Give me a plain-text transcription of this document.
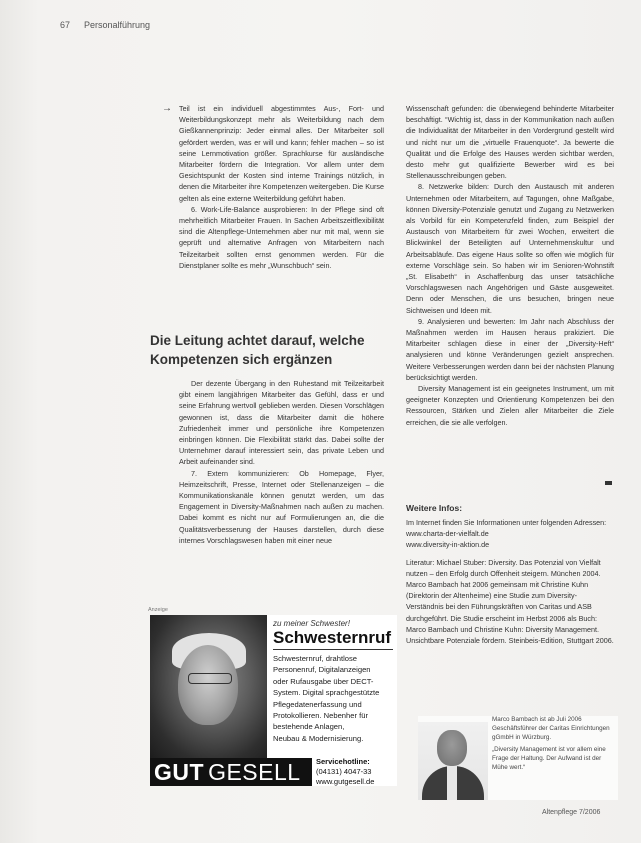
67 Personalführung
→ Teil ist ein individuell abgestimmtes Aus-, Fort- und Weiterbildungskonzept mehr als Weiterbildung nach dem Gießkannenprinzip: Jeder einmal alles. Der Mitarbeiter soll gefördert werden, was er will und kann; fehler machen – so ist seine Lernmotivation größer. Sprachkurse für ausländische Mitarbeiter fördern die Integration. Vor allem unter dem Gesichtspunkt der Kosten sind interne Trainings nützlich, in denen die Mitarbeiter ihre Kompetenzen weitergeben. Die Kurse gelten als eine externe Weiterbildung geführt haben.

6. Work-Life-Balance ausprobieren: In der Pflege sind oft mehrheitlich Mitarbeiter Frauen. In Sachen Arbeitszeitflexibilität sind die Altenpflege-Unternehmen aber nur mit mal, wenn sie geprüft und alternative Anfragen von Mitarbeitern nach Teilzeitarbeit sollten ernst genommen werden. Für die Dienstplaner sollte es mehr „Wunschbuch“ sein.

Die Leitung achtet darauf, welche Kompetenzen sich ergänzen

Der dezente Übergang in den Ruhestand mit Teilzeitarbeit gibt einem langjährigen Mitarbeiter das Gefühl, dass er und seine Erfahrung wertvoll geblieben werden. Diesen Vorschlägen gewonnen ist, dass die Mitarbeiter damit die höhere Zufriedenheit immer und persönliche ihre Kompetenzen einbringen können. Die Flexibilität stärkt das. Dabei sollte der Unternehmer darauf interessiert sein, das private Leben und Arbeit aufeinander sind.

7. Extern kommunizieren: Ob Homepage, Flyer, Heimzeitschrift, Presse, Internet oder Stellenanzeigen – die Kommunikationskanäle können genutzt werden, um das Engagement in Diversity-Maßnahmen nach außen zu machen. Dabei kommt es nicht nur auf Formulierungen an, die die Qualitätsverbesserung der Hauses darstellen, durch diese internes Vorschlagswesen haben mit einer neue

Wissenschaft gefunden: die überwiegend behinderte Mitarbeiter beschäftigt. “Wichtig ist, dass in der Kommunikation nach außen die Individualität der Mitarbeiter in den Vordergrund gestellt wird und nicht nur um die „virtuelle Frauenquote“. Ja bewerte die Qualität und die Erfolge des Hauses werden sichtbar werden, desto mehr gut qualifizierte Bewerber wird es bei Stellenausschreibungen geben.

8. Netzwerke bilden: Durch den Austausch mit anderen Unternehmen oder Mitarbeitern, auf Tagungen, ohne Maßgabe, können Diversity-Potenziale genutzt und Zugang zu Netzwerken als Vorbild für ein Kompetenzfeld finden, zum Beispiel der Austausch von Mitarbeitern für zwei Wochen, erweitert die Blickwinkel der Beteiligten auf Unternehmenskultur und Arbeitsabläufe. Das eigene Haus sollte so offen wie möglich für externe Vorschläge sein. So haben wir im Senioren-Wohnstift „St. Elisabeth“ in Aschaffenburg das unser tatsächliche Vorschlagswesen nach Angehörigen und Gäste ausgeweitet. Denn oder Menschen, die uns besuchen, bringen neue Sichtweisen und Ideen mit.

9. Analysieren und bewerten: Im Jahr nach Abschluss der Maßnahmen werden im Hausen heraus prakiziert. Die Mitarbeiter schlagen diese in einer der „Diversity-Heft“ analysieren und könne Veränderungen gezielt ansprechen. Weitere Verbesserungen werden dann bei der nächsten Planung berücksichtigt werden.

Diversity Management ist ein geeignetes Instrument, um mit geeigneter Konzepten und Orientierung Kompetenzen bei den Ressourcen, Stärken und Zielen aller Mitarbeiter die Ziele erreichen, die sie alle verfolgen.

Weitere Infos:

Im Internet finden Sie Informationen unter folgenden Adressen:

www.charta-der-vielfalt.de

www.diversity-in-aktion.de

Literatur: Michael Stuber: Diversity. Das Potenzial von Vielfalt nutzen – den Erfolg durch Offenheit steigern. München 2004. Marco Bambach hat 2006 gemeinsam mit Christine Kuhn (Direktorin der Altenheime) eine Studie zum Diversity-Verständnis bei den Führungskräften von Caritas und ASB durchgeführt. Die Studie erscheint im Herbst 2006 als Buch: Marco Bambach und Christine Kuhn: Diversity Management. Unsichtbare Potenziale fördern. Steinbeis-Edition, Stuttgart 2006.

Anzeige
zu meiner Schwester!
Schwesternruf

Schwesternruf, drahtlose

Personenruf, Digitalanzeigen

oder Rufausgabe über DECT-

System. Digital sprachgestützte

Pflegedatenerfassung und

Protokollieren. Nebenher für

bestehende Anlagen,

Neubau & Modernisierung.

GUT GESELL	Servicehotline:
(04131) 4047-33
www.gutgesell.de

Marco Bambach ist ab Juli 2006 Geschäftsführer der Caritas Einrichtungen gGmbH in Würzburg.

„Diversity Management ist vor allem eine Frage der Haltung. Der Aufwand ist der Mühe wert.“

Altenpflege 7/2006
